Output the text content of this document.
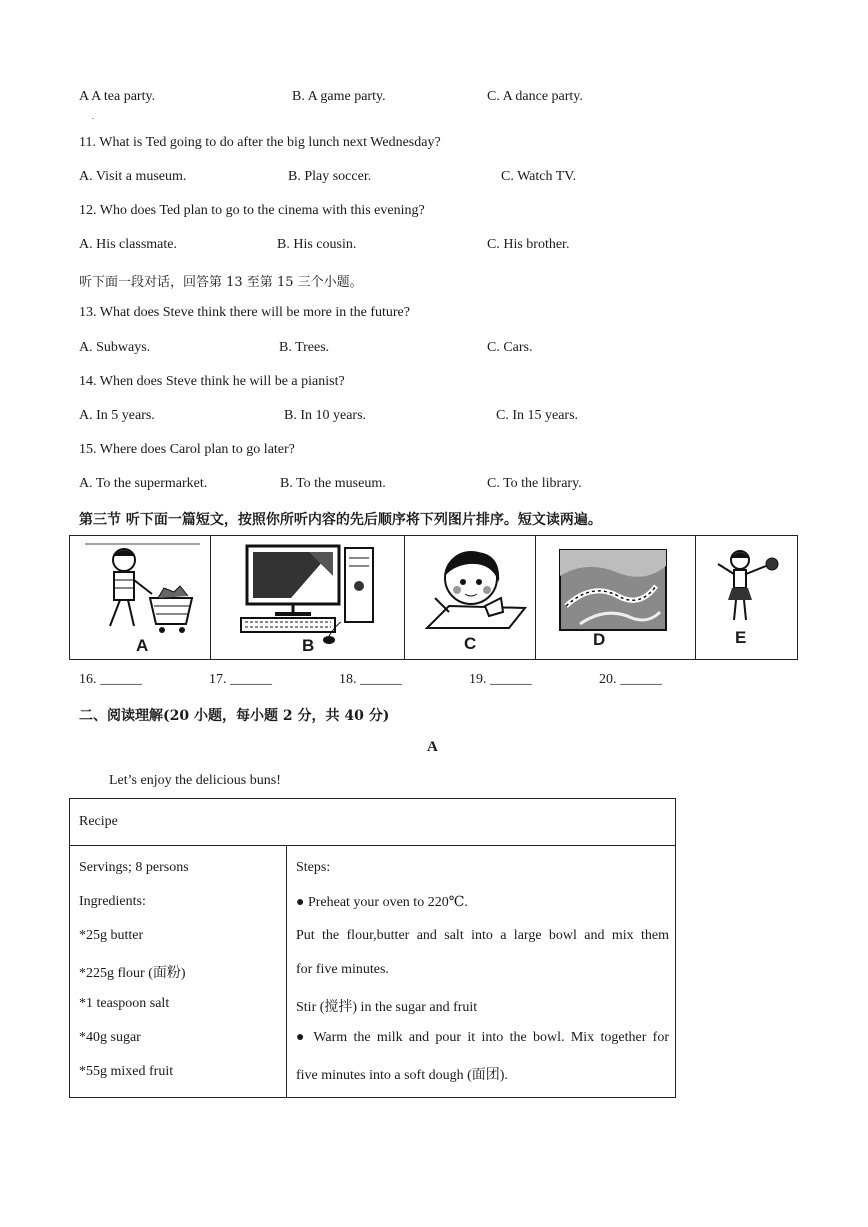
A A tea party.
.
B. A game party.	C. A dance party.
11. What is Ted going to do after the big lunch next Wednesday?
A. Visit a museum.	B. Play soccer.	C. Watch TV.
12. Who does Ted plan to go to the cinema with this evening?
A. His classmate.	B. His cousin.	C. His brother.
听下面一段对话，回答第 13 至第 15 三个小题。
13. What does Steve think there will be more in the future?
A. Subways.	B. Trees.	C. Cars.
14. When does Steve think he will be a pianist?
A. In 5 years.	B. In 10 years.	C. In 15 years.
15. Where does Carol plan to go later?
A. To the supermarket.	B. To the museum.	C. To the library.
第三节 听下面一篇短文，按照你所听内容的先后顺序将下列图片排序。短文读两遍。
A	B	C	D	E
16. ______	17. ______	18. ______	19. ______	20. ______
二、阅读理解(20 小题，每小题 2 分，共 40 分)
A
Let’s enjoy the delicious buns!
Recipe
Servings; 8 persons
Ingredients:
*25g butter
*225g flour (面粉)
*1 teaspoon salt
*40g sugar
*55g mixed fruit
Steps:
● Preheat your oven to 220℃.
Put the flour,butter and salt into a large bowl and mix them
for five minutes.
Stir (搅拌) in the sugar and fruit
● Warm the milk and pour it into the bowl. Mix together for
five minutes into a soft dough (面团).
